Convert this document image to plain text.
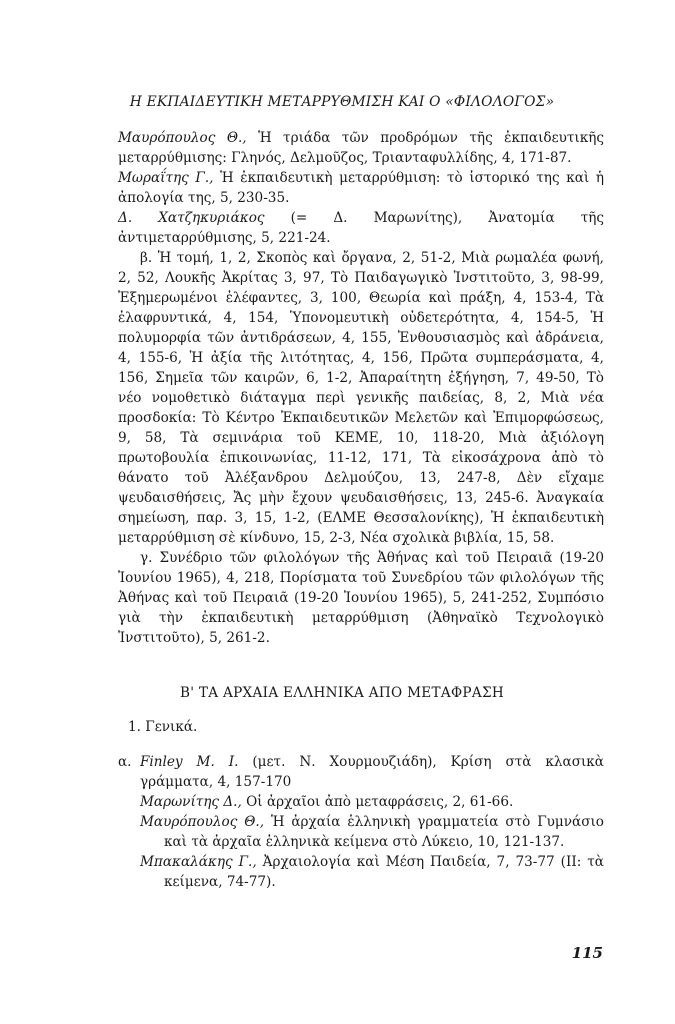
Η ΕΚΠΑΙΔΕΥΤΙΚΗ ΜΕΤΑΡΡΥΘΜΙΣΗ ΚΑΙ Ο «ΦΙΛΟΛΟΓΟΣ»

Μαυρόπουλος Θ., Ἡ τριάδα τῶν προδρόμων τῆς ἐκπαιδευτικῆς μεταρρύθμισης: Γληνός, Δελμοῦζος, Τριανταφυλλίδης, 4, 171-87.

Μωραΐτης Γ., Ἡ ἐκπαιδευτικὴ μεταρρύθμιση: τὸ ἱστορικό της καὶ ἡ ἀπολογία της, 5, 230-35.

Δ. Χατζηκυριάκος (= Δ. Μαρωνίτης), Ἀνατομία τῆς ἀντιμεταρρύθμισης, 5, 221-24.

β. Ἡ τομή, 1, 2, Σκοπὸς καὶ ὄργανα, 2, 51-2, Μιὰ ρωμαλέα φωνή, 2, 52, Λουκῆς Ἀκρίτας 3, 97, Τὸ Παιδαγωγικὸ Ἰνστιτοῦτο, 3, 98-99, Ἐξημερωμένοι ἐλέφαντες, 3, 100, Θεωρία καὶ πράξη, 4, 153-4, Τὰ ἐλαφρυντικά, 4, 154, Ὑπονομευτικὴ οὐδετερότητα, 4, 154-5, Ἡ πολυμορφία τῶν ἀντιδράσεων, 4, 155, Ἐνθουσιασμὸς καὶ ἀδράνεια, 4, 155-6, Ἡ ἀξία τῆς λιτότητας, 4, 156, Πρῶτα συμπεράσματα, 4, 156, Σημεῖα τῶν καιρῶν, 6, 1-2, Ἀπαραίτητη ἐξήγηση, 7, 49-50, Τὸ νέο νομοθετικὸ διάταγμα περὶ γενικῆς παιδείας, 8, 2, Μιὰ νέα προσδοκία: Τὸ Κέντρο Ἐκπαιδευτικῶν Μελετῶν καὶ Ἐπιμορφώσεως, 9, 58, Τὰ σεμινάρια τοῦ ΚΕΜΕ, 10, 118-20, Μιὰ ἀξιόλογη πρωτοβουλία ἐπικοινωνίας, 11-12, 171, Τὰ εἰκοσάχρονα ἀπὸ τὸ θάνατο τοῦ Ἀλέξανδρου Δελμούζου, 13, 247-8, Δὲν εἴχαμε ψευδαισθήσεις, Ἄς μὴν ἔχουν ψευδαισθήσεις, 13, 245-6. Ἀναγκαία σημείωση, παρ. 3, 15, 1-2, (ΕΛΜΕ Θεσσαλονίκης), Ἡ ἐκπαιδευτικὴ μεταρρύθμιση σὲ κίνδυνο, 15, 2-3, Νέα σχολικὰ βιβλία, 15, 58.

γ. Συνέδριο τῶν φιλολόγων τῆς Ἀθήνας καὶ τοῦ Πειραιᾶ (19-20 Ἰουνίου 1965), 4, 218, Πορίσματα τοῦ Συνεδρίου τῶν φιλολόγων τῆς Ἀθήνας καὶ τοῦ Πειραιᾶ (19-20 Ἰουνίου 1965), 5, 241-252, Συμπόσιο γιὰ τὴν ἐκπαιδευτικὴ μεταρρύθμιση (Ἀθηναϊκὸ Τεχνολογικὸ Ἰνστιτοῦτο), 5, 261-2.

Β' ΤΑ ΑΡΧΑΙΑ ΕΛΛΗΝΙΚΑ ΑΠΟ ΜΕΤΑΦΡΑΣΗ
1. Γενικά.

α. Finley M. I. (μετ. Ν. Χουρμουζιάδη), Κρίση στὰ κλασικὰ γράμματα, 4, 157-170

Μαρωνίτης Δ., Οἱ ἀρχαῖοι ἀπὸ μεταφράσεις, 2, 61-66.

Μαυρόπουλος Θ., Ἡ ἀρχαία ἑλληνικὴ γραμματεία στὸ Γυμνάσιο καὶ τὰ ἀρχαῖα ἑλληνικὰ κείμενα στὸ Λύκειο, 10, 121-137.

Μπακαλάκης Γ., Ἀρχαιολογία καὶ Μέση Παιδεία, 7, 73-77 (II: τὰ κείμενα, 74-77).

115
